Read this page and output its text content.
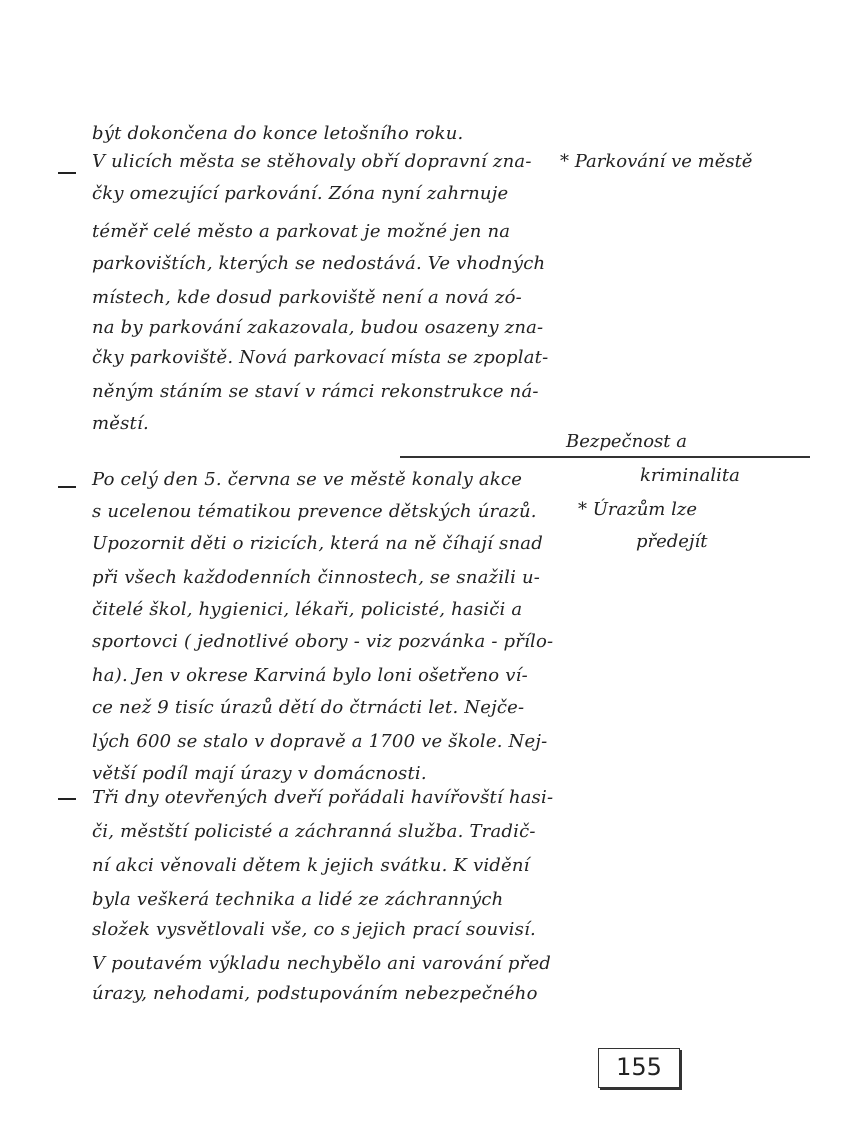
být dokončena do konce letošního roku.
V ulicích města se stěhovaly obří dopravní zna- * Parkování ve městě
čky omezující parkování. Zóna nyní zahrnuje
téměř celé město a parkovat je možné jen na
parkovištích, kterých se nedostává. Ve vhodných
místech, kde dosud parkoviště není a nová zó-
na by parkování zakazovala, budou osazeny zna-
čky parkoviště. Nová parkovací místa se zpoplat-
něným stáním se staví v rámci rekonstrukce ná-
městí.
Bezpečnost a
kriminalita
Po celý den 5. června se ve městě konaly akce
s ucelenou tématikou prevence dětských úrazů. * Úrazům lze
předejít
Upozornit děti o rizicích, která na ně číhají snad
při všech každodenních činnostech, se snažili u-
čitelé škol, hygienici, lékaři, policisté, hasiči a
sportovci ( jednotlivé obory - viz pozvánka - přílo-
ha). Jen v okrese Karviná bylo loni ošetřeno ví-
ce než 9 tisíc úrazů dětí do čtrnácti let. Nejče-
lých 600 se stalo v dopravě a 1700 ve škole. Nej-
větší podíl mají úrazy v domácnosti.
Tři dny otevřených dveří pořádali havířovští hasi-
či, městští policisté a záchranná služba. Tradič-
ní akci věnovali dětem k jejich svátku. K vidění
byla veškerá technika a lidé ze záchranných
složek vysvětlovali vše, co s jejich prací souvisí.
V poutavém výkladu nechybělo ani varování před
úrazy, nehodami, podstupováním nebezpečného
155
